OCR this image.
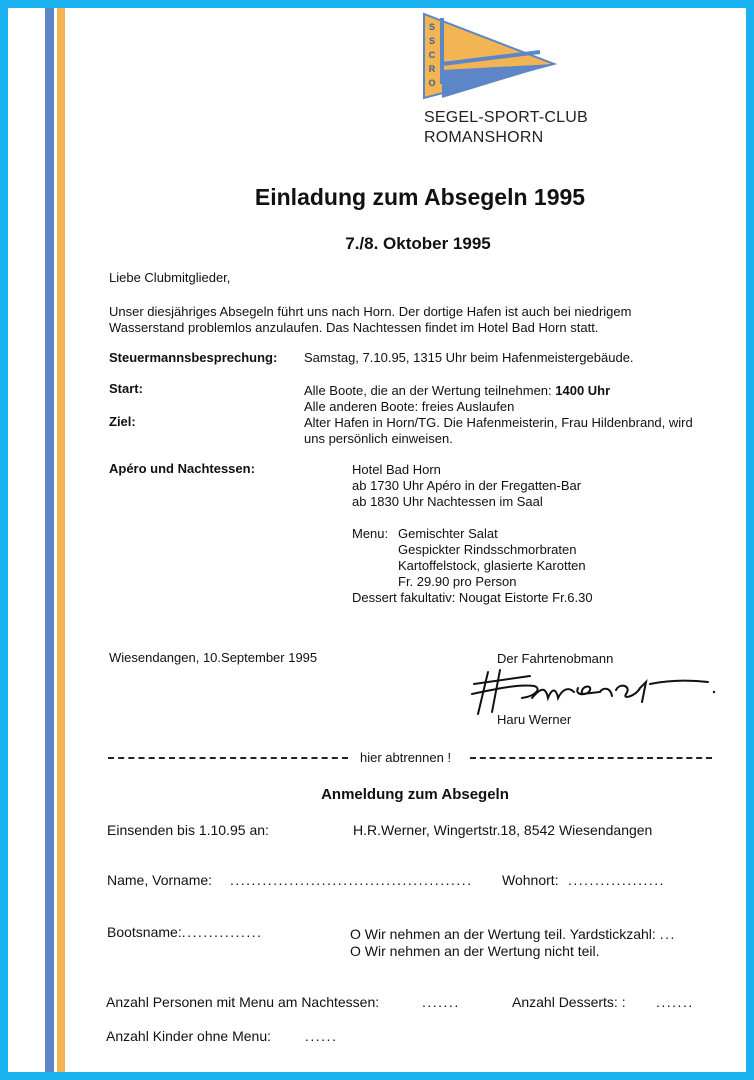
S
S
C
R
O
SEGEL-SPORT-CLUB
ROMANSHORN
Einladung zum Absegeln 1995
7./8. Oktober 1995
Liebe Clubmitglieder,
Unser diesjähriges Absegeln führt uns nach Horn. Der dortige Hafen ist auch bei niedrigem
Wasserstand problemlos anzulaufen. Das Nachtessen findet im Hotel Bad Horn statt.
Steuermannsbesprechung: Samstag, 7.10.95, 1315 Uhr beim Hafenmeistergebäude.
Start:	Alle Boote, die an der Wertung teilnehmen: 1400 Uhr
Alle anderen Boote: freies Auslaufen
Ziel:	Alter Hafen in Horn/TG. Die Hafenmeisterin, Frau Hildenbrand, wird
uns persönlich einweisen.
Apéro und Nachtessen:	Hotel Bad Horn
ab 1730 Uhr Apéro in der Fregatten-Bar
ab 1830 Uhr Nachtessen im Saal
Menu: Gemischter Salat
Gespickter Rindsschmorbraten
Kartoffelstock, glasierte Karotten
Fr. 29.90 pro Person
Dessert fakultativ: Nougat Eistorte Fr.6.30
Wiesendangen, 10.September 1995	Der Fahrtenobmann
Haru Werner
hier abtrennen !
Anmeldung zum Absegeln
Einsenden bis 1.10.95 an:	H.R.Werner, Wingertstr.18, 8542 Wiesendangen
Name, Vorname: ............................................. Wohnort: ..................
Bootsname:...............	O Wir nehmen an der Wertung teil. Yardstickzahl: ...
O Wir nehmen an der Wertung nicht teil.
Anzahl Personen mit Menu am Nachtessen:	.......	Anzahl Desserts: : .......
Anzahl Kinder ohne Menu: ......
